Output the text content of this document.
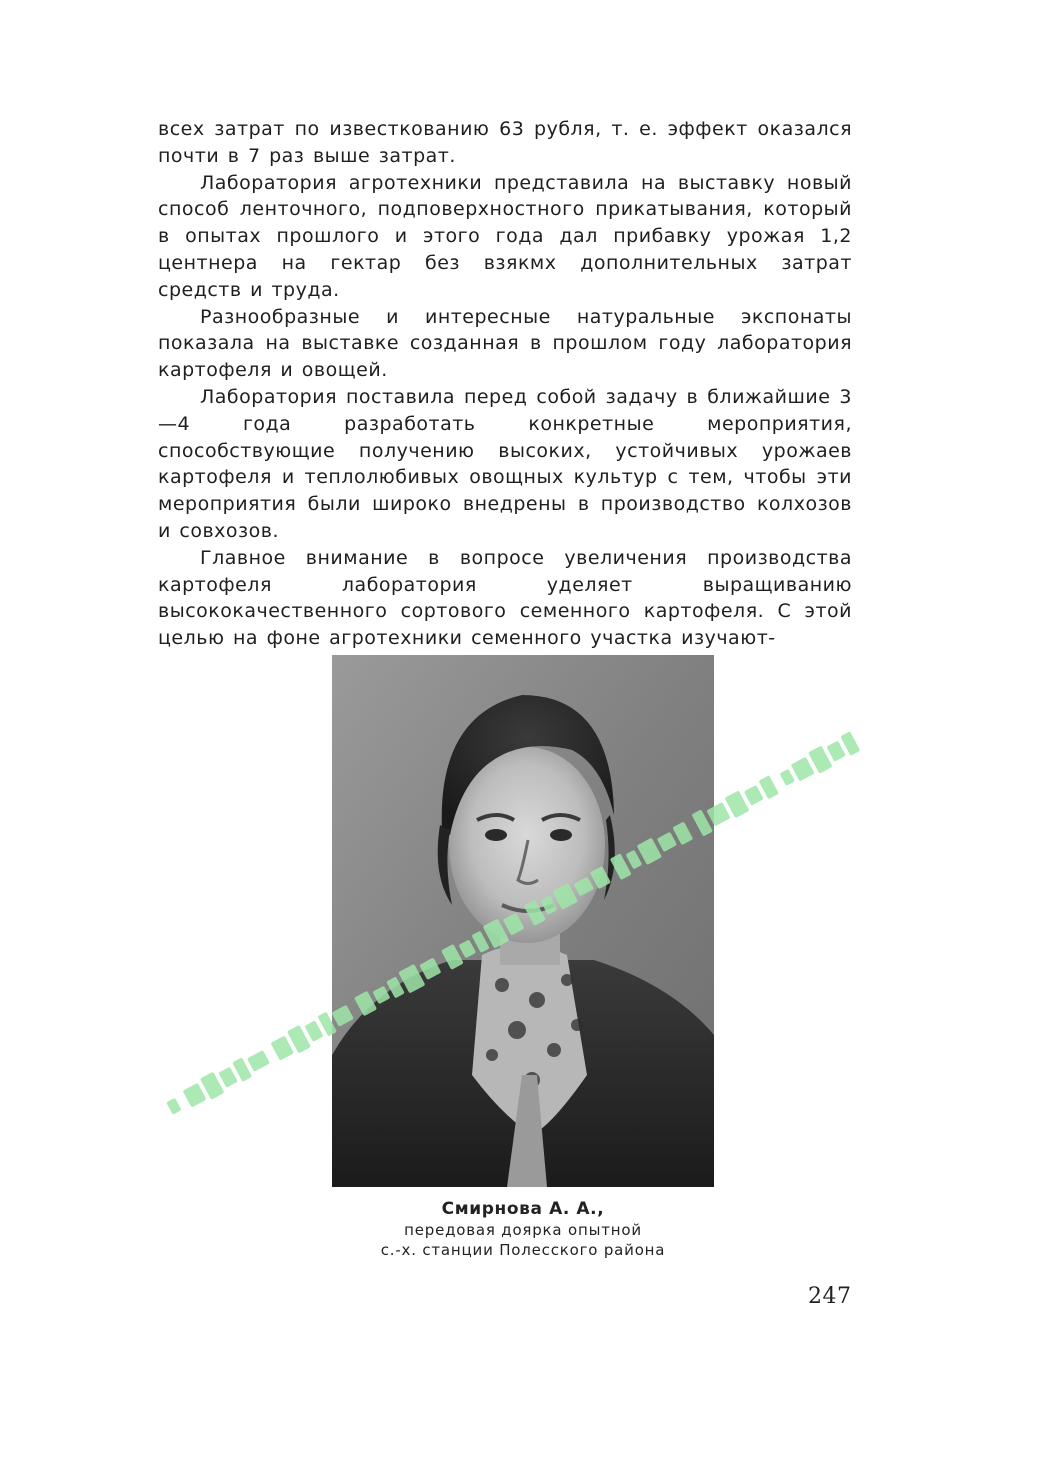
всех затрат по известкованию 63 рубля, т. е. эффект оказался почти в 7 раз выше затрат.

Лаборатория агротехники представила на выставку новый способ ленточного, подповерхностного прикатывания, который в опытах прошлого и этого года дал прибавку урожая 1,2 центнера на гектар без взякмх дополнительных затрат средств и труда.

Разнообразные и интересные натуральные экспонаты показала на выставке созданная в прошлом году лаборатория картофеля и овощей.

Лаборатория поставила перед собой задачу в ближайшие 3—4 года разработать конкретные мероприятия, способствующие получению высоких, устойчивых урожаев картофеля и теплолюбивых овощных культур с тем, чтобы эти мероприятия были широко внедрены в производство колхозов и совхозов.

Главное внимание в вопросе увеличения производства картофеля лаборатория уделяет выращиванию высококачественного сортового семенного картофеля. С этой целью на фоне агротехники семенного участка изучают-

Смирнова А. А.,
передовая доярка опытной
с.-х. станции Полесского района
247
